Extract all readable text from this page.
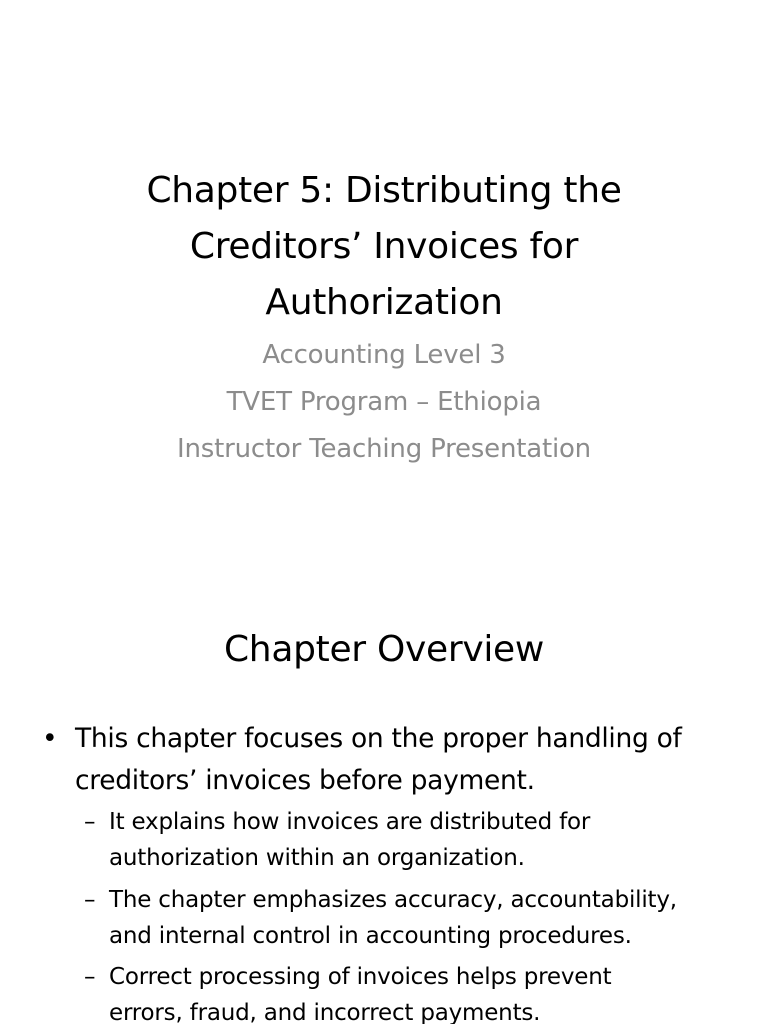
Chapter 5: Distributing the
Creditors’ Invoices for
Authorization
Accounting Level 3
TVET Program – Ethiopia
Instructor Teaching Presentation
Chapter Overview
• This chapter focuses on the proper handling of
creditors’ invoices before payment.
– It explains how invoices are distributed for
authorization within an organization.
– The chapter emphasizes accuracy, accountability,
and internal control in accounting procedures.
– Correct processing of invoices helps prevent
errors, fraud, and incorrect payments.
